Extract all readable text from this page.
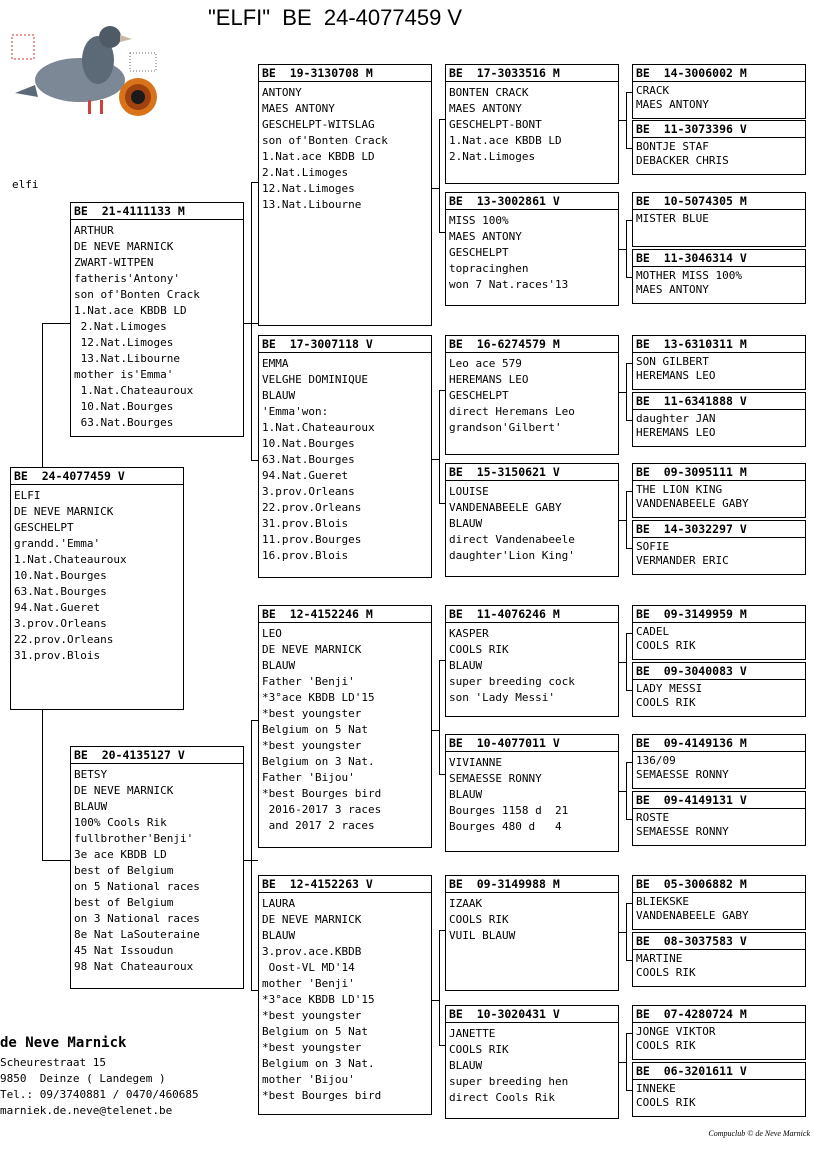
"ELFI"  BE  24-4077459 V
elfi
BE  24-4077459 V
ELFI
DE NEVE MARNICK
GESCHELPT
grandd.'Emma'
1.Nat.Chateauroux
10.Nat.Bourges
63.Nat.Bourges
94.Nat.Gueret
3.prov.Orleans
22.prov.Orleans
31.prov.Blois
BE  21-4111133 M
ARTHUR
DE NEVE MARNICK
ZWART-WITPEN
fatheris'Antony'
son of'Bonten Crack
1.Nat.ace KBDB LD
2.Nat.Limoges
12.Nat.Limoges
13.Nat.Libourne
mother is'Emma'
1.Nat.Chateauroux
10.Nat.Bourges
63.Nat.Bourges
BE  20-4135127 V
BETSY
DE NEVE MARNICK
BLAUW
100% Cools Rik
fullbrother'Benji'
3e ace KBDB LD
best of Belgium
on 5 National races
best of Belgium
on 3 National races
8e Nat LaSouteraine
45 Nat Issoudun
98 Nat Chateauroux
BE  19-3130708 M
ANTONY
MAES ANTONY
GESCHELPT-WITSLAG
son of'Bonten Crack
1.Nat.ace KBDB LD
2.Nat.Limoges
12.Nat.Limoges
13.Nat.Libourne
BE  17-3007118 V
EMMA
VELGHE DOMINIQUE
BLAUW
'Emma'won:
1.Nat.Chateauroux
10.Nat.Bourges
63.Nat.Bourges
94.Nat.Gueret
3.prov.Orleans
22.prov.Orleans
31.prov.Blois
11.prov.Bourges
16.prov.Blois
BE  12-4152246 M
LEO
DE NEVE MARNICK
BLAUW
Father 'Benji'
*3°ace KBDB LD'15
*best youngster
Belgium on 5 Nat
*best youngster
Belgium on 3 Nat.
Father 'Bijou'
*best Bourges bird
2016-2017 3 races
and 2017 2 races
BE  12-4152263 V
LAURA
DE NEVE MARNICK
BLAUW
3.prov.ace.KBDB
Oost-VL MD'14
mother 'Benji'
*3°ace KBDB LD'15
*best youngster
Belgium on 5 Nat
*best youngster
Belgium on 3 Nat.
mother 'Bijou'
*best Bourges bird
BE  17-3033516 M
BONTEN CRACK
MAES ANTONY
GESCHELPT-BONT
1.Nat.ace KBDB LD
2.Nat.Limoges
BE  13-3002861 V
MISS 100%
MAES ANTONY
GESCHELPT
topracinghen
won 7 Nat.races'13
BE  16-6274579 M
Leo ace 579
HEREMANS LEO
GESCHELPT
direct Heremans Leo
grandson'Gilbert'
BE  15-3150621 V
LOUISE
VANDENABEELE GABY
BLAUW
direct Vandenabeele
daughter'Lion King'
BE  11-4076246 M
KASPER
COOLS RIK
BLAUW
super breeding cock
son 'Lady Messi'
BE  10-4077011 V
VIVIANNE
SEMAESSE RONNY
BLAUW
Bourges 1158 d  21
Bourges 480 d   4
BE  09-3149988 M
IZAAK
COOLS RIK
VUIL BLAUW
BE  10-3020431 V
JANETTE
COOLS RIK
BLAUW
super breeding hen
direct Cools Rik
BE  14-3006002 M
CRACK
MAES ANTONY
BE  11-3073396 V
BONTJE STAF
DEBACKER CHRIS
BE  10-5074305 M
MISTER BLUE
BE  11-3046314 V
MOTHER MISS 100%
MAES ANTONY
BE  13-6310311 M
SON GILBERT
HEREMANS LEO
BE  11-6341888 V
daughter JAN
HEREMANS LEO
BE  09-3095111 M
THE LION KING
VANDENABEELE GABY
BE  14-3032297 V
SOFIE
VERMANDER ERIC
BE  09-3149959 M
CADEL
COOLS RIK
BE  09-3040083 V
LADY MESSI
COOLS RIK
BE  09-4149136 M
136/09
SEMAESSE RONNY
BE  09-4149131 V
ROSTE
SEMAESSE RONNY
BE  05-3006882 M
BLIEKSKE
VANDENABEELE GABY
BE  08-3037583 V
MARTINE
COOLS RIK
BE  07-4280724 M
JONGE VIKTOR
COOLS RIK
BE  06-3201611 V
INNEKE
COOLS RIK
de Neve Marnick
Scheurestraat 15
9850  Deinze ( Landegem )
Tel.: 09/3740881 / 0470/460685
marniek.de.neve@telenet.be
Compuclub © de Neve Marnick
